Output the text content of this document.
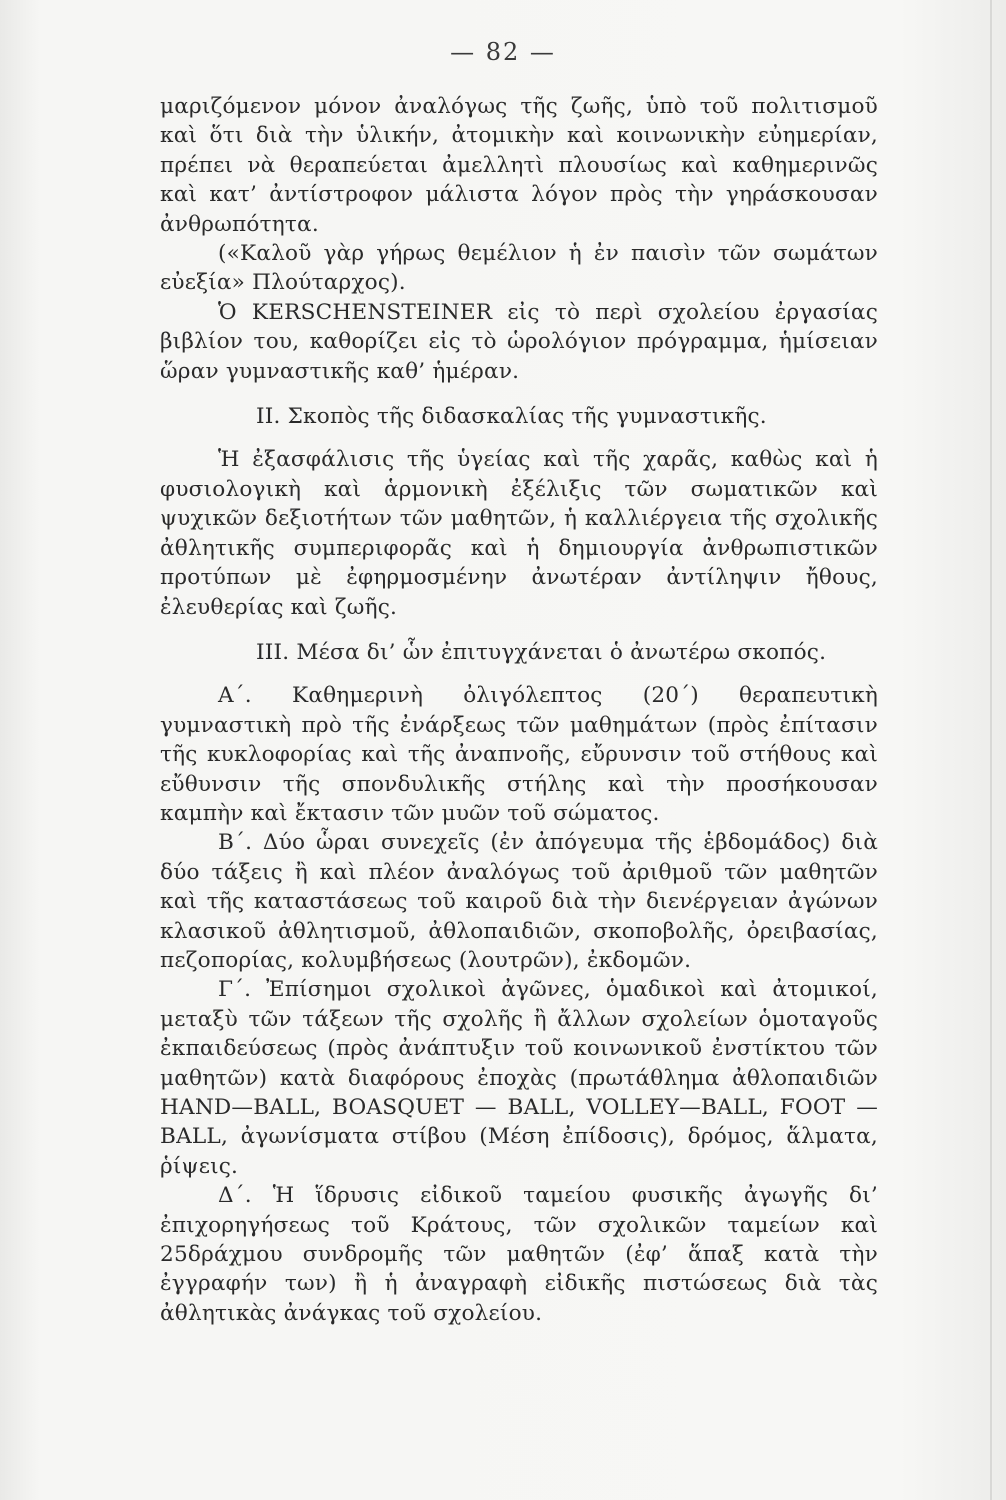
— 82 —

μαριζόμενον μόνον ἀναλόγως τῆς ζωῆς, ὑπὸ τοῦ πολιτισμοῦ καὶ ὅτι διὰ τὴν ὑλικήν, ἀτομικὴν καὶ κοινωνικὴν εὐημερίαν, πρέπει νὰ θεραπεύεται ἀμελλητὶ πλουσίως καὶ καθημερινῶς καὶ κατ’ ἀντίστροφον μάλιστα λόγον πρὸς τὴν γηράσκουσαν ἀνθρωπότητα.

(«Καλοῦ γὰρ γήρως θεμέλιον ἡ ἐν παισὶν τῶν σωμάτων εὐεξία» Πλούταρχος).

Ὁ KERSCHENSTEINER εἰς τὸ περὶ σχολείου ἐργασίας βιβλίον του, καθορίζει εἰς τὸ ὡρολόγιον πρόγραμμα, ἡμίσειαν ὥραν γυμναστικῆς καθ’ ἡμέραν.

II. Σκοπὸς τῆς διδασκαλίας τῆς γυμναστικῆς.

Ἡ ἐξασφάλισις τῆς ὑγείας καὶ τῆς χαρᾶς, καθὼς καὶ ἡ φυσιολογικὴ καὶ ἁρμονικὴ ἐξέλιξις τῶν σωματικῶν καὶ ψυχικῶν δεξιοτήτων τῶν μαθητῶν, ἡ καλλιέργεια τῆς σχολικῆς ἀθλητικῆς συμπεριφορᾶς καὶ ἡ δημιουργία ἀνθρωπιστικῶν προτύπων μὲ ἐφηρμοσμένην ἀνωτέραν ἀντίληψιν ἤθους, ἐλευθερίας καὶ ζωῆς.

III. Μέσα δι’ ὧν ἐπιτυγχάνεται ὁ ἀνωτέρω σκοπός.

Α΄. Καθημερινὴ ὀλιγόλεπτος (20΄) θεραπευτικὴ γυμναστικὴ πρὸ τῆς ἐνάρξεως τῶν μαθημάτων (πρὸς ἐπίτασιν τῆς κυκλοφορίας καὶ τῆς ἀναπνοῆς, εὔρυνσιν τοῦ στήθους καὶ εὔθυνσιν τῆς σπονδυλικῆς στήλης καὶ τὴν προσήκουσαν καμπὴν καὶ ἔκτασιν τῶν μυῶν τοῦ σώματος.

Β΄. Δύο ὧραι συνεχεῖς (ἐν ἀπόγευμα τῆς ἑβδομάδος) διὰ δύο τάξεις ἢ καὶ πλέον ἀναλόγως τοῦ ἀριθμοῦ τῶν μαθητῶν καὶ τῆς καταστάσεως τοῦ καιροῦ διὰ τὴν διενέργειαν ἀγώνων κλασικοῦ ἀθλητισμοῦ, ἀθλοπαιδιῶν, σκοποβολῆς, ὀρειβασίας, πεζοπορίας, κολυμβήσεως (λουτρῶν), ἐκδομῶν.

Γ΄. Ἐπίσημοι σχολικοὶ ἀγῶνες, ὁμαδικοὶ καὶ ἀτομικοί, μεταξὺ τῶν τάξεων τῆς σχολῆς ἢ ἄλλων σχολείων ὁμοταγοῦς ἐκπαιδεύσεως (πρὸς ἀνάπτυξιν τοῦ κοινωνικοῦ ἐνστίκτου τῶν μαθητῶν) κατὰ διαφόρους ἐποχὰς (πρωτάθλημα ἀθλοπαιδιῶν HAND—BALL, BOASQUET — BALL, VOLLEY—BALL, FOOT — BALL, ἀγωνίσματα στίβου (Μέση ἐπίδοσις), δρόμος, ἅλματα, ῥίψεις.

Δ΄. Ἡ ἵδρυσις εἰδικοῦ ταμείου φυσικῆς ἀγωγῆς δι’ ἐπιχορηγήσεως τοῦ Κράτους, τῶν σχολικῶν ταμείων καὶ 25δράχμου συνδρομῆς τῶν μαθητῶν (ἐφ’ ἅπαξ κατὰ τὴν ἐγγραφήν των) ἢ ἡ ἀναγραφὴ εἰδικῆς πιστώσεως διὰ τὰς ἀθλητικὰς ἀνάγκας τοῦ σχολείου.
